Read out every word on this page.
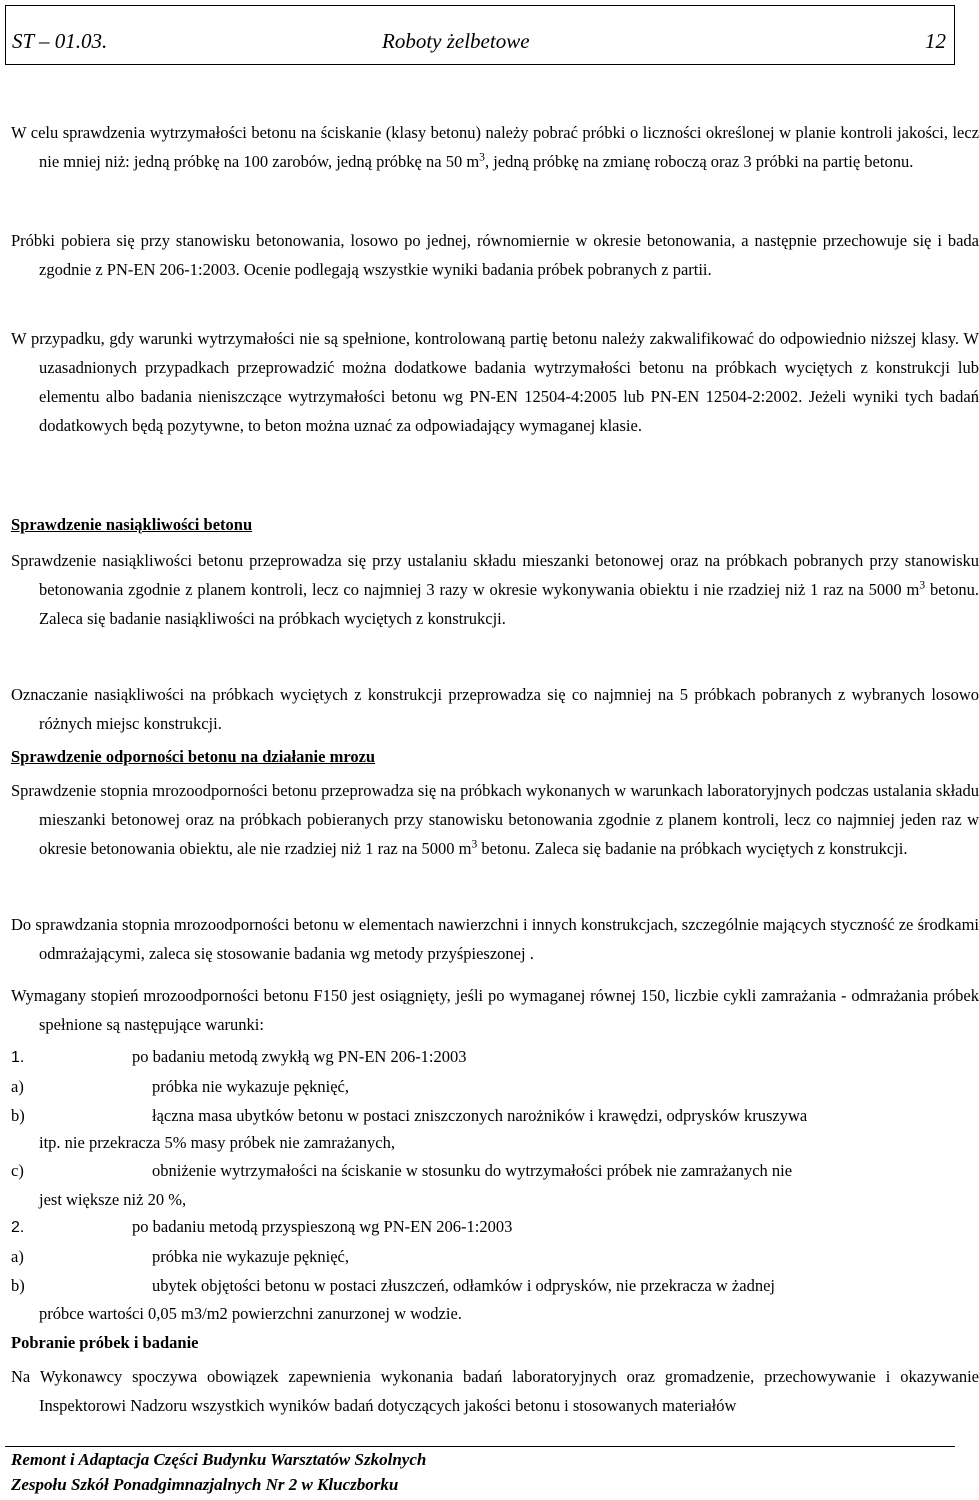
ST – 01.03.	Roboty żelbetowe	12
W celu sprawdzenia wytrzymałości betonu na ściskanie (klasy betonu) należy pobrać próbki o liczności określonej w planie kontroli jakości, lecz nie mniej niż: jedną próbkę na 100 zarobów, jedną próbkę na 50 $m^3$, jedną próbkę na zmianę roboczą oraz 3 próbki na partię betonu.
Próbki pobiera się przy stanowisku betonowania, losowo po jednej, równomiernie w okresie betonowania, a następnie przechowuje się i bada zgodnie z PN-EN 206-1:2003. Ocenie podlegają wszystkie wyniki badania próbek pobranych z partii.
W przypadku, gdy warunki wytrzymałości nie są spełnione, kontrolowaną partię betonu należy zakwalifikować do odpowiednio niższej klasy. W uzasadnionych przypadkach przeprowadzić można dodatkowe badania wytrzymałości betonu na próbkach wyciętych z konstrukcji lub elementu albo badania nieniszczące wytrzymałości betonu wg PN-EN 12504-4:2005 lub PN-EN 12504-2:2002. Jeżeli wyniki tych badań dodatkowych będą pozytywne, to beton można uznać za odpowiadający wymaganej klasie.
Sprawdzenie nasiąkliwości betonu
Sprawdzenie nasiąkliwości betonu przeprowadza się przy ustalaniu składu mieszanki betonowej oraz na próbkach pobranych przy stanowisku betonowania zgodnie z planem kontroli, lecz co najmniej 3 razy w okresie wykonywania obiektu i nie rzadziej niż 1 raz na 5000 $m^3$ betonu. Zaleca się badanie nasiąkliwości na próbkach wyciętych z konstrukcji.
Oznaczanie nasiąkliwości na próbkach wyciętych z konstrukcji przeprowadza się co najmniej na 5 próbkach pobranych z wybranych losowo różnych miejsc konstrukcji.
Sprawdzenie odporności betonu na działanie mrozu
Sprawdzenie stopnia mrozoodporności betonu przeprowadza się na próbkach wykonanych w warunkach laboratoryjnych podczas ustalania składu mieszanki betonowej oraz na próbkach pobieranych przy stanowisku betonowania zgodnie z planem kontroli, lecz co najmniej jeden raz w okresie betonowania obiektu, ale nie rzadziej niż 1 raz na 5000 $m^3$ betonu. Zaleca się badanie na próbkach wyciętych z konstrukcji.
Do sprawdzania stopnia mrozoodporności betonu w elementach nawierzchni i innych konstrukcjach, szczególnie mających styczność ze środkami odmrażającymi, zaleca się stosowanie badania wg metody przyśpieszonej .
Wymagany stopień mrozoodporności betonu F150 jest osiągnięty, jeśli po wymaganej równej 150, liczbie cykli zamrażania - odmrażania próbek spełnione są następujące warunki:
1.	po badaniu metodą zwykłą wg PN-EN 206-1:2003
a)	próbka nie wykazuje pęknięć,
b)	łączna masa ubytków betonu w postaci zniszczonych narożników i krawędzi, odprysków kruszywa
itp. nie przekracza 5% masy próbek nie zamrażanych,
c)	obniżenie wytrzymałości na ściskanie w stosunku do wytrzymałości próbek nie zamrażanych nie
jest większe niż 20 %,
2.	po badaniu metodą przyspieszoną wg PN-EN 206-1:2003
a)	próbka nie wykazuje pęknięć,
b)	ubytek objętości betonu w postaci złuszczeń, odłamków i odprysków, nie przekracza w żadnej
próbce wartości 0,05 m3/m2 powierzchni zanurzonej w wodzie.
Pobranie próbek i badanie
Na Wykonawcy spoczywa obowiązek zapewnienia wykonania badań laboratoryjnych oraz gromadzenie, przechowywanie i okazywanie Inspektorowi Nadzoru wszystkich wyników badań dotyczących jakości betonu i stosowanych materiałów
Remont i Adaptacja Części Budynku Warsztatów Szkolnych
Zespołu Szkół Ponadgimnazjalnych Nr 2 w Kluczborku
